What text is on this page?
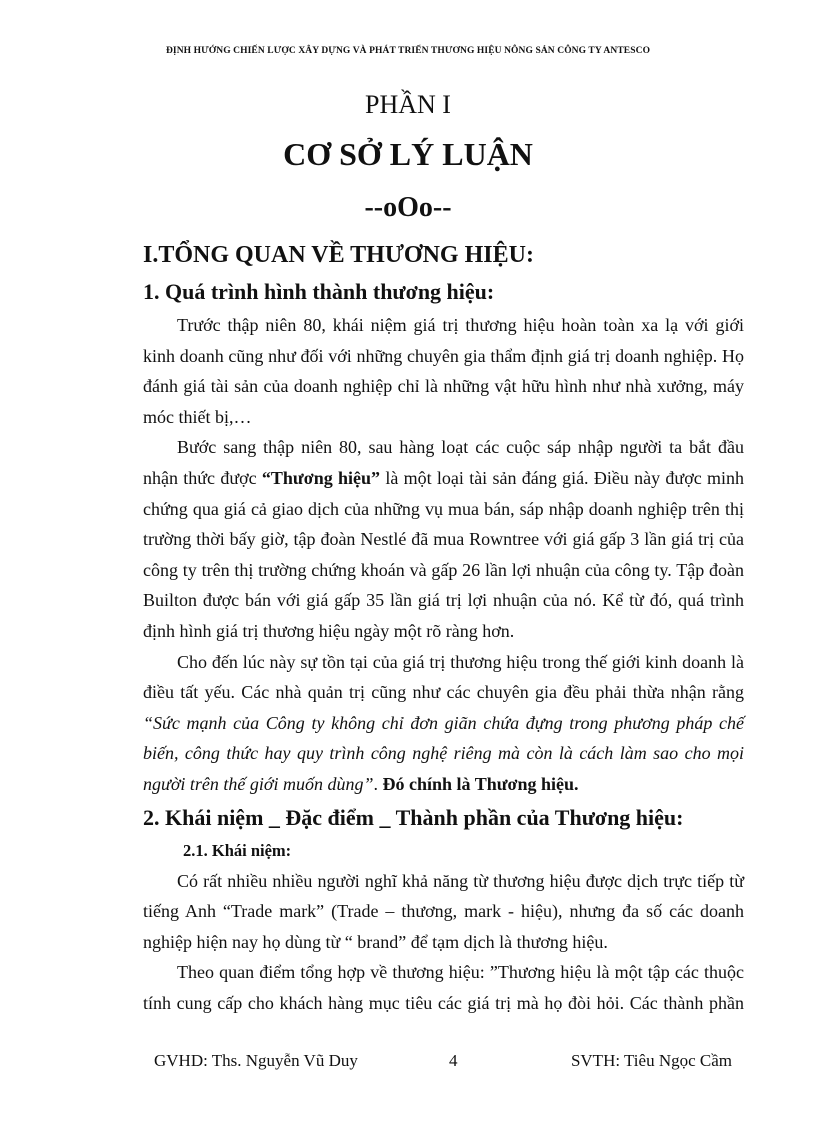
ĐỊNH HƯỚNG CHIẾN LƯỢC XÂY DỰNG VÀ PHÁT TRIỂN THƯƠNG HIỆU NÔNG SẢN CÔNG TY ANTESCO
PHẦN I
CƠ SỞ LÝ LUẬN
--oOo--
I.TỔNG QUAN VỀ THƯƠNG HIỆU:
1. Quá trình hình thành thương hiệu:

Trước thập niên 80, khái niệm giá trị thương hiệu hoàn toàn xa lạ với giới kinh doanh cũng như đối với những chuyên gia thẩm định giá trị doanh nghiệp. Họ đánh giá tài sản của doanh nghiệp chỉ là những vật hữu hình như nhà xưởng, máy móc thiết bị,…

Bước sang thập niên 80, sau hàng loạt các cuộc sáp nhập người ta bắt đầu nhận thức được “Thương hiệu” là một loại tài sản đáng giá. Điều này được minh chứng qua giá cả giao dịch của những vụ mua bán, sáp nhập doanh nghiệp trên thị trường thời bấy giờ, tập đoàn Nestlé đã mua Rowntree với giá gấp 3 lần giá trị của công ty trên thị trường chứng khoán và gấp 26 lần lợi nhuận của công ty. Tập đoàn Builton được bán với giá gấp 35 lần giá trị lợi nhuận của nó. Kể từ đó, quá trình định hình giá trị thương hiệu ngày một rõ ràng hơn.

Cho đến lúc này sự tồn tại của giá trị thương hiệu trong thế giới kinh doanh là điều tất yếu. Các nhà quản trị cũng như các chuyên gia đều phải thừa nhận rằng “Sức mạnh của Công ty không chỉ đơn giãn chứa đựng trong phương pháp chế biến, công thức hay quy trình công nghệ riêng mà còn là cách làm sao cho mọi người trên thế giới muốn dùng”. Đó chính là Thương hiệu.

2. Khái niệm _ Đặc điểm _ Thành phần của Thương hiệu:
2.1. Khái niệm:

Có rất nhiều nhiều người nghĩ khả năng từ thương hiệu được dịch trực tiếp từ tiếng Anh “Trade mark” (Trade – thương, mark - hiệu), nhưng đa số các doanh nghiệp hiện nay họ dùng từ “ brand” để tạm dịch là thương hiệu.

Theo quan điểm tổng hợp về thương hiệu: ”Thương hiệu là một tập các thuộc tính cung cấp cho khách hàng mục tiêu các giá trị mà họ đòi hỏi. Các thành phần

GVHD: Ths. Nguyễn Vũ Duy	4	SVTH: Tiêu Ngọc Cầm
